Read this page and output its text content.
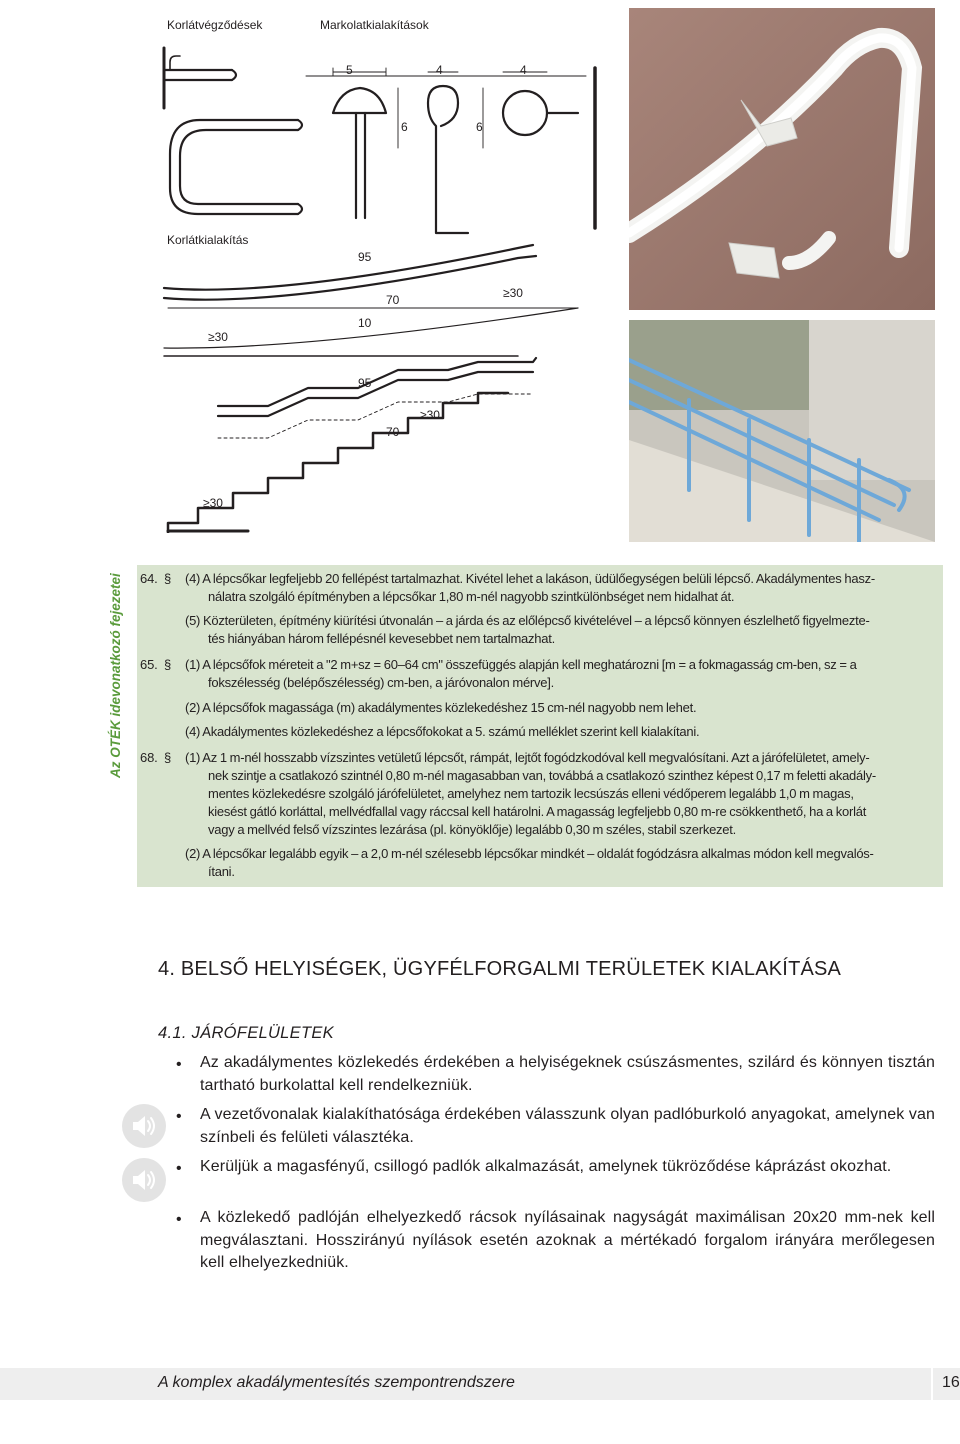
Korlátvégződések	Markolatkialakítások
Korlátkialakítás
5	4	4
6	6
95
≥30
70
≥30
10
95
≥30
70
≥30
Az OTÉK idevonatkozó fejezetei 64. § (4) A lépcsőkar legfeljebb 20 fellépést tartalmazhat. Kivétel lehet a lakáson, üdülőegységen belüli lépcső. Akadálymentes hasz-
nálatra szolgáló építményben a lépcsőkar 1,80 m-nél nagyobb szintkülönbséget nem hidalhat át.
(5) Közterületen, építmény kiürítési útvonalán – a járda és az előlépcső kivételével – a lépcső könnyen észlelhető figyelmezte-
tés hiányában három fellépésnél kevesebbet nem tartalmazhat.
65. § (1) A lépcsőfok méreteit a "2 m+sz = 60–64 cm" összefüggés alapján kell meghatározni [m = a fokmagasság cm-ben, sz = a
fokszélesség (belépőszélesség) cm-ben, a járóvonalon mérve].
(2) A lépcsőfok magassága (m) akadálymentes közlekedéshez 15 cm-nél nagyobb nem lehet.
(4) Akadálymentes közlekedéshez a lépcsőfokokat a 5. számú melléklet szerint kell kialakítani.
68. § (1) Az 1 m-nél hosszabb vízszintes vetületű lépcsőt, rámpát, lejtőt fogódzkodóval kell megvalósítani. Azt a járófelületet, amely-
nek szintje a csatlakozó szintnél 0,80 m-nél magasabban van, továbbá a csatlakozó szinthez képest 0,17 m feletti akadály-
mentes közlekedésre szolgáló járófelületet, amelyhez nem tartozik lecsúszás elleni védőperem legalább 1,0 m magas,
kiesést gátló korláttal, mellvédfallal vagy ráccsal kell határolni. A magasság legfeljebb 0,80 m-re csökkenthető, ha a korlát
vagy a mellvéd felső vízszintes lezárása (pl. könyöklője) legalább 0,30 m széles, stabil szerkezet.
(2) A lépcsőkar legalább egyik – a 2,0 m-nél szélesebb lépcsőkar mindkét – oldalát fogódzásra alkalmas módon kell megvalós-
ítani.
4. BELSŐ HELYISÉGEK, ÜGYFÉLFORGALMI TERÜLETEK KIALAKÍTÁSA
4.1. JÁRÓFELÜLETEK
• Az akadálymentes közlekedés érdekében a helyiségeknek csúszásmentes, szilárd és könnyen tisztán tartható burkolattal kell rendelkezniük.
• A vezetővonalak kialakíthatósága érdekében válasszunk olyan padlóburkoló anyagokat, amelynek van színbeli és felületi választéka.
• Kerüljük a magasfényű, csillogó padlók alkalmazását, amelynek tükröződése káprázást okozhat.
• A közlekedő padlóján elhelyezkedő rácsok nyílásainak nagyságát maximálisan 20x20 mm-nek kell megválasztani. Hosszirányú nyílások esetén azoknak a mértékadó forgalom irányára merőlegesen kell elhelyezkedniük.
A komplex akadálymentesítés szempontrendszere	16
